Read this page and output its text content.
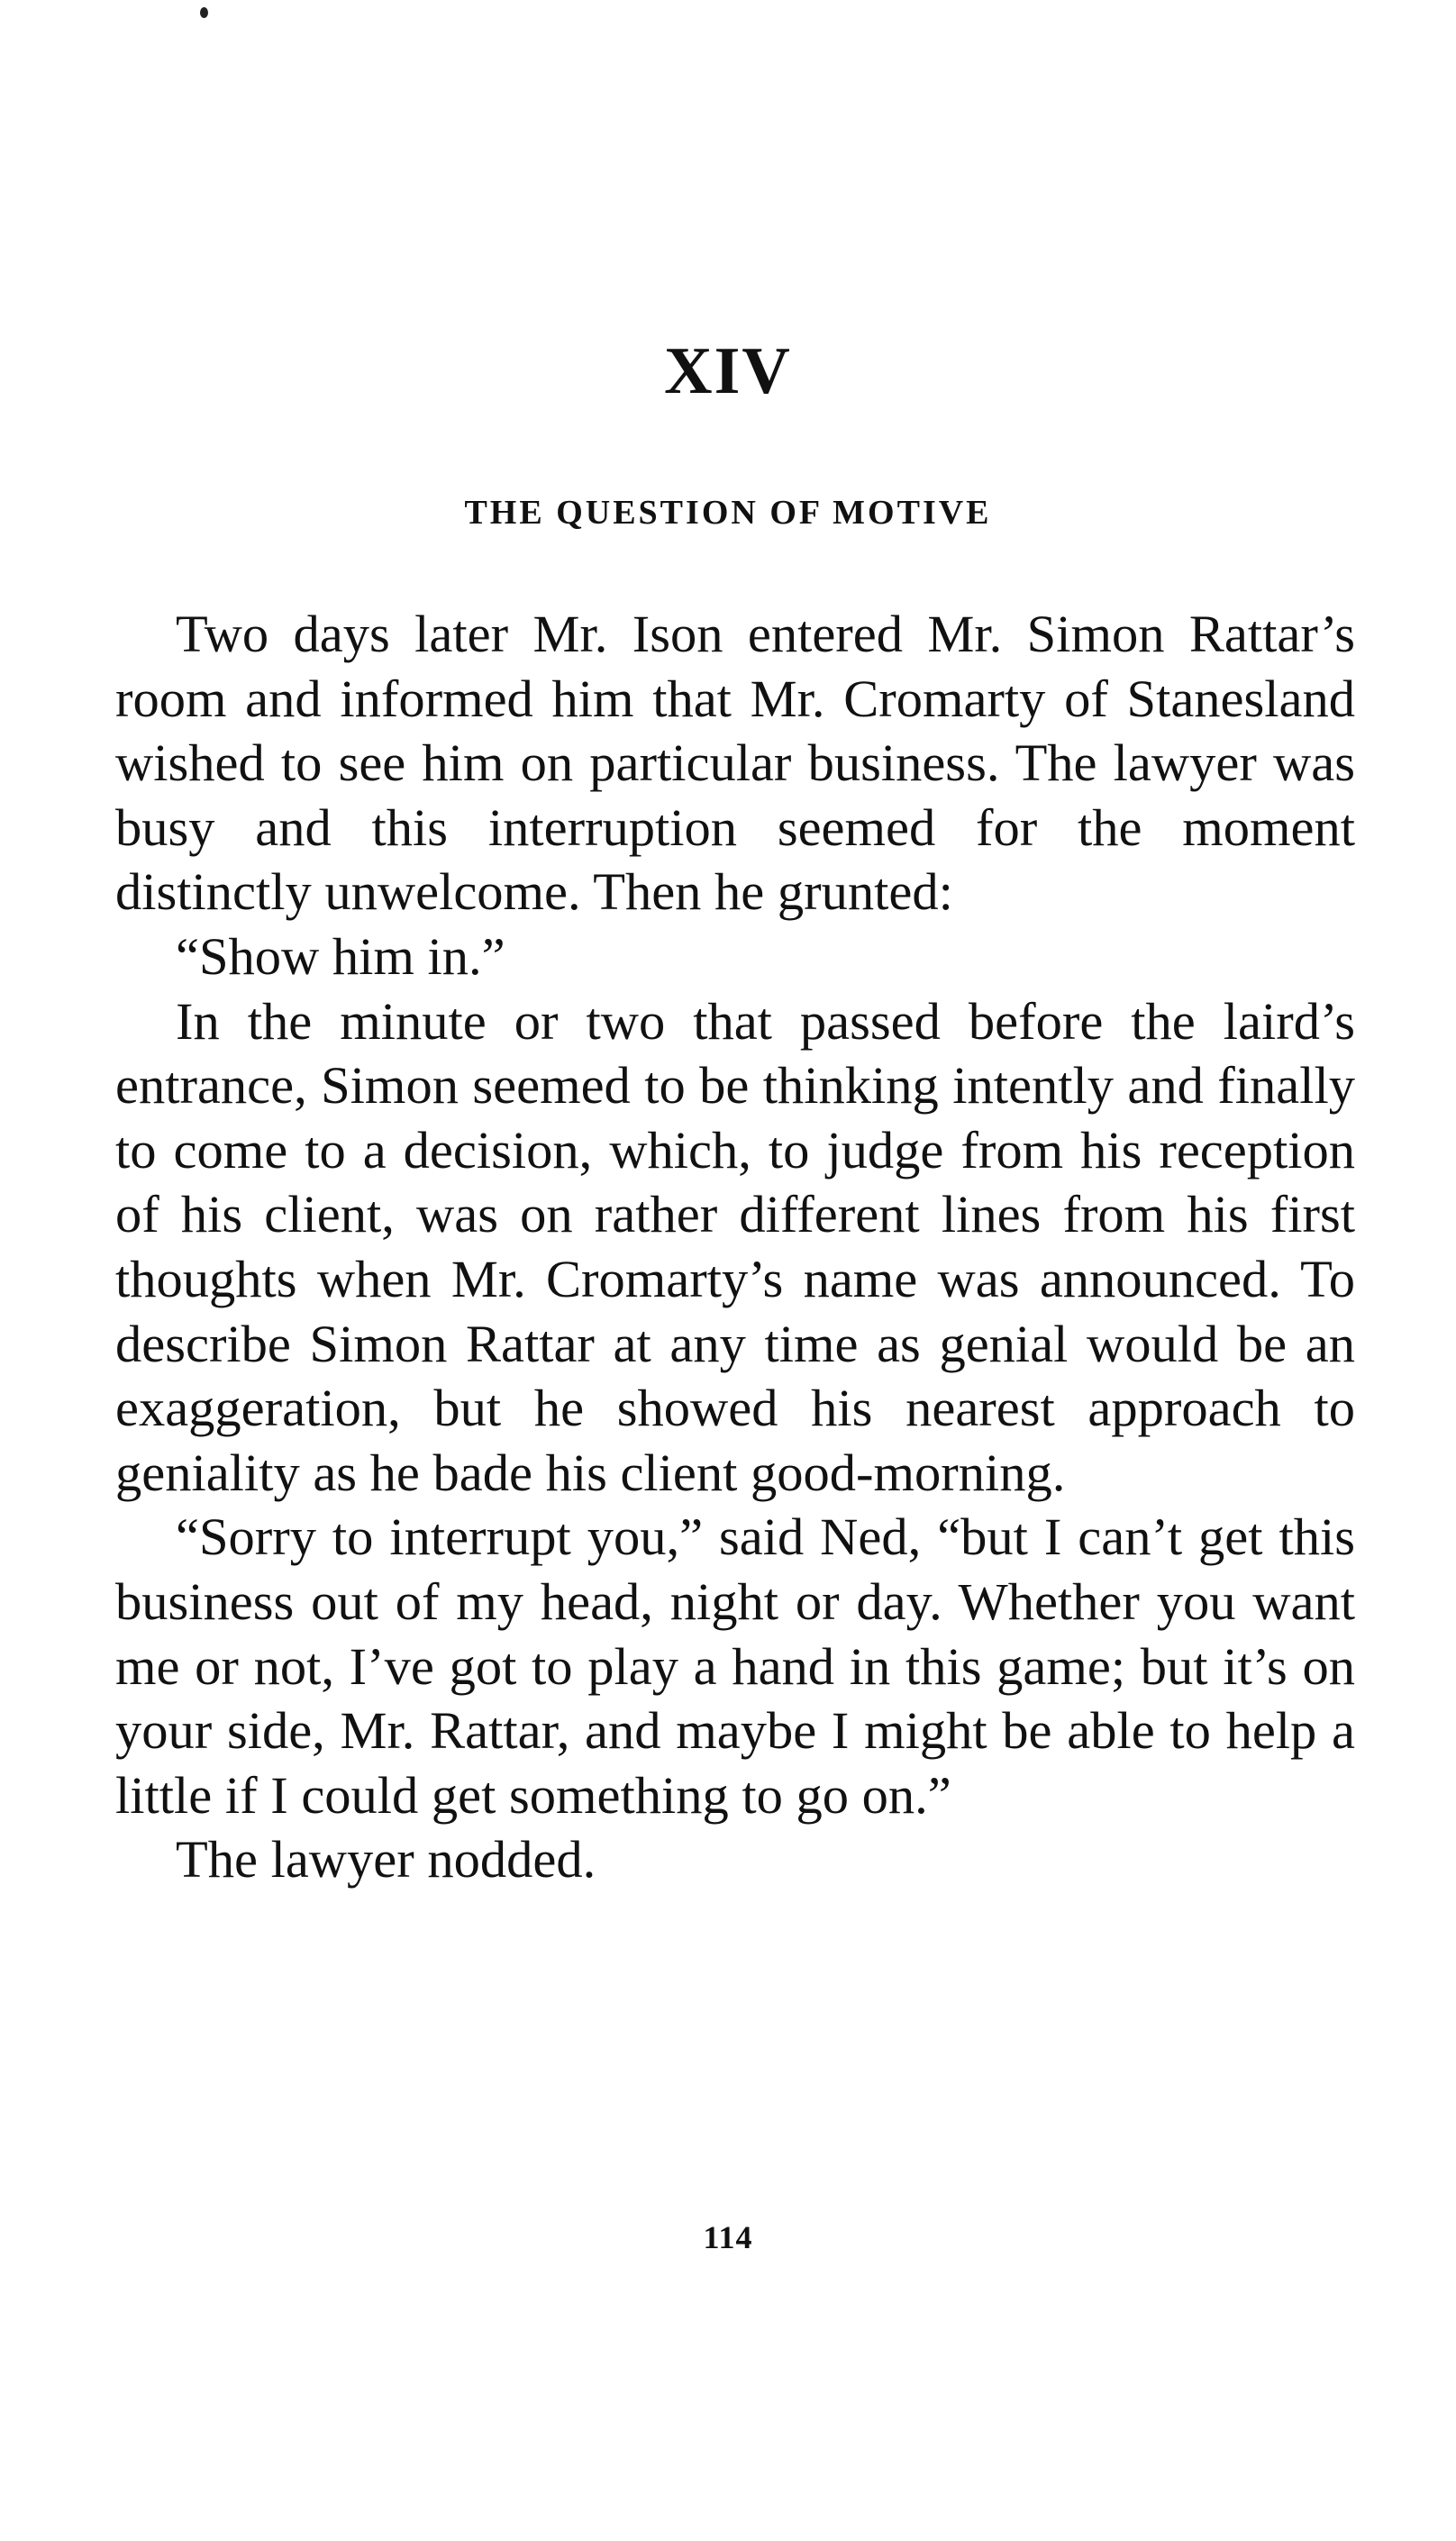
XIV
THE QUESTION OF MOTIVE

Two days later Mr. Ison entered Mr. Simon Rattar’s room and informed him that Mr. Cromarty of Stanesland wished to see him on particular business. The lawyer was busy and this interruption seemed for the moment distinctly unwelcome. Then he grunted:

“Show him in.”

In the minute or two that passed before the laird’s entrance, Simon seemed to be thinking intently and finally to come to a decision, which, to judge from his reception of his client, was on rather different lines from his first thoughts when Mr. Cromarty’s name was announced. To describe Simon Rattar at any time as genial would be an exaggeration, but he showed his nearest approach to geniality as he bade his client good-morning.

“Sorry to interrupt you,” said Ned, “but I can’t get this business out of my head, night or day. Whether you want me or not, I’ve got to play a hand in this game; but it’s on your side, Mr. Rattar, and maybe I might be able to help a little if I could get something to go on.”

The lawyer nodded.

114
